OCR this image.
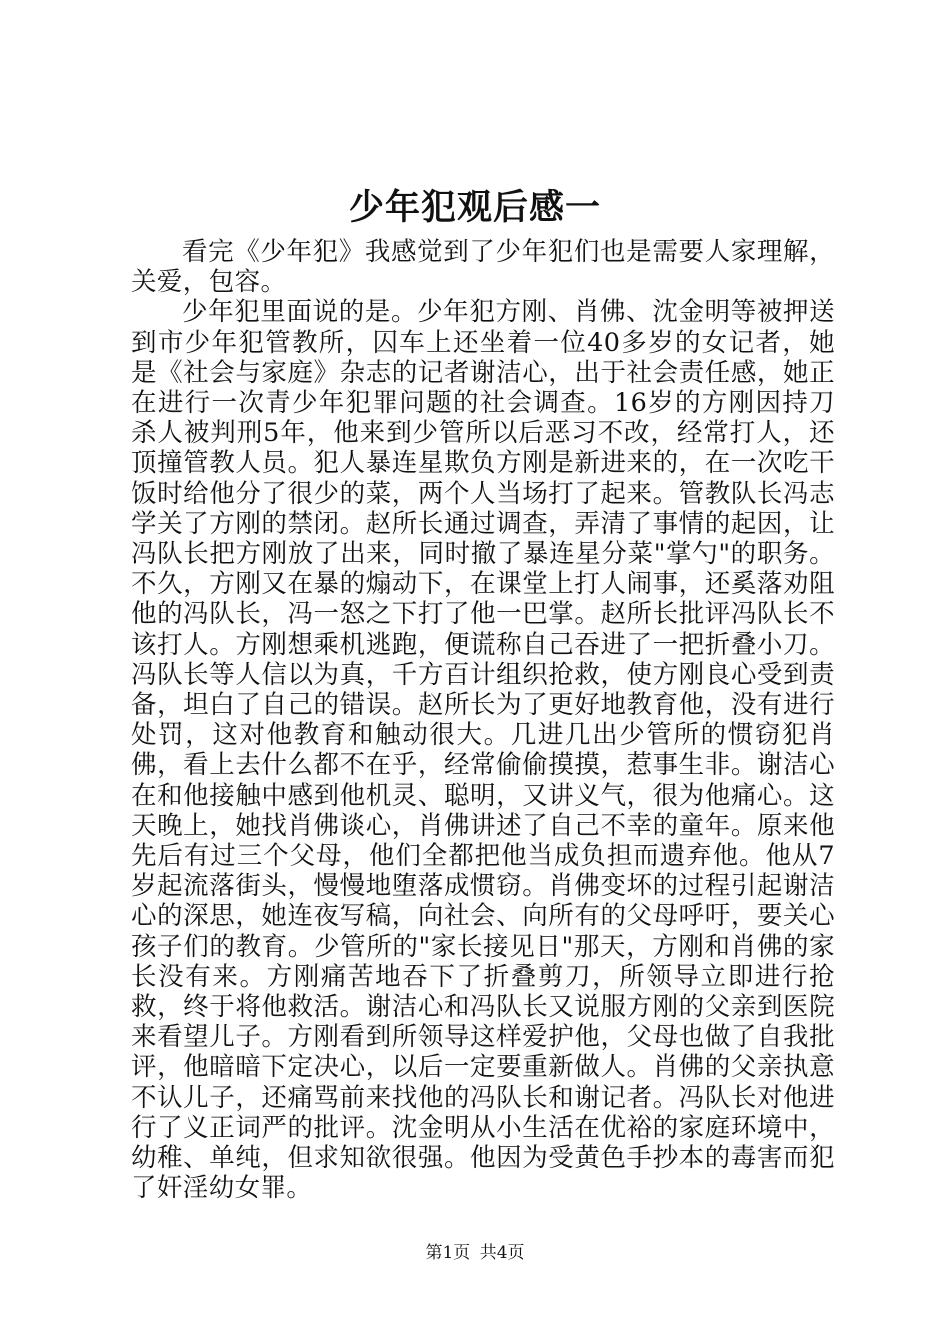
少年犯观后感一

看完《少年犯》我感觉到了少年犯们也是需要人家理解，关爱，包容。

少年犯里面说的是。少年犯方刚、肖佛、沈金明等被押送到市少年犯管教所，囚车上还坐着一位40多岁的女记者，她是《社会与家庭》杂志的记者谢洁心，出于社会责任感，她正在进行一次青少年犯罪问题的社会调查。16岁的方刚因持刀杀人被判刑5年，他来到少管所以后恶习不改，经常打人，还顶撞管教人员。犯人暴连星欺负方刚是新进来的，在一次吃干饭时给他分了很少的菜，两个人当场打了起来。管教队长冯志学关了方刚的禁闭。赵所长通过调查，弄清了事情的起因，让冯队长把方刚放了出来，同时撤了暴连星分菜"掌勺"的职务。不久，方刚又在暴的煽动下，在课堂上打人闹事，还奚落劝阻他的冯队长，冯一怒之下打了他一巴掌。赵所长批评冯队长不该打人。方刚想乘机逃跑，便谎称自己吞进了一把折叠小刀。冯队长等人信以为真，千方百计组织抢救，使方刚良心受到责备，坦白了自己的错误。赵所长为了更好地教育他，没有进行处罚，这对他教育和触动很大。几进几出少管所的惯窃犯肖佛，看上去什么都不在乎，经常偷偷摸摸，惹事生非。谢洁心在和他接触中感到他机灵、聪明，又讲义气，很为他痛心。这天晚上，她找肖佛谈心，肖佛讲述了自己不幸的童年。原来他先后有过三个父母，他们全都把他当成负担而遗弃他。他从7岁起流落街头，慢慢地堕落成惯窃。肖佛变坏的过程引起谢洁心的深思，她连夜写稿，向社会、向所有的父母呼吁，要关心孩子们的教育。少管所的"家长接见日"那天，方刚和肖佛的家长没有来。方刚痛苦地吞下了折叠剪刀，所领导立即进行抢救，终于将他救活。谢洁心和冯队长又说服方刚的父亲到医院来看望儿子。方刚看到所领导这样爱护他，父母也做了自我批评，他暗暗下定决心，以后一定要重新做人。肖佛的父亲执意不认儿子，还痛骂前来找他的冯队长和谢记者。冯队长对他进行了义正词严的批评。沈金明从小生活在优裕的家庭环境中，幼稚、单纯，但求知欲很强。他因为受黄色手抄本的毒害而犯了奸淫幼女罪。

第1页 共4页
